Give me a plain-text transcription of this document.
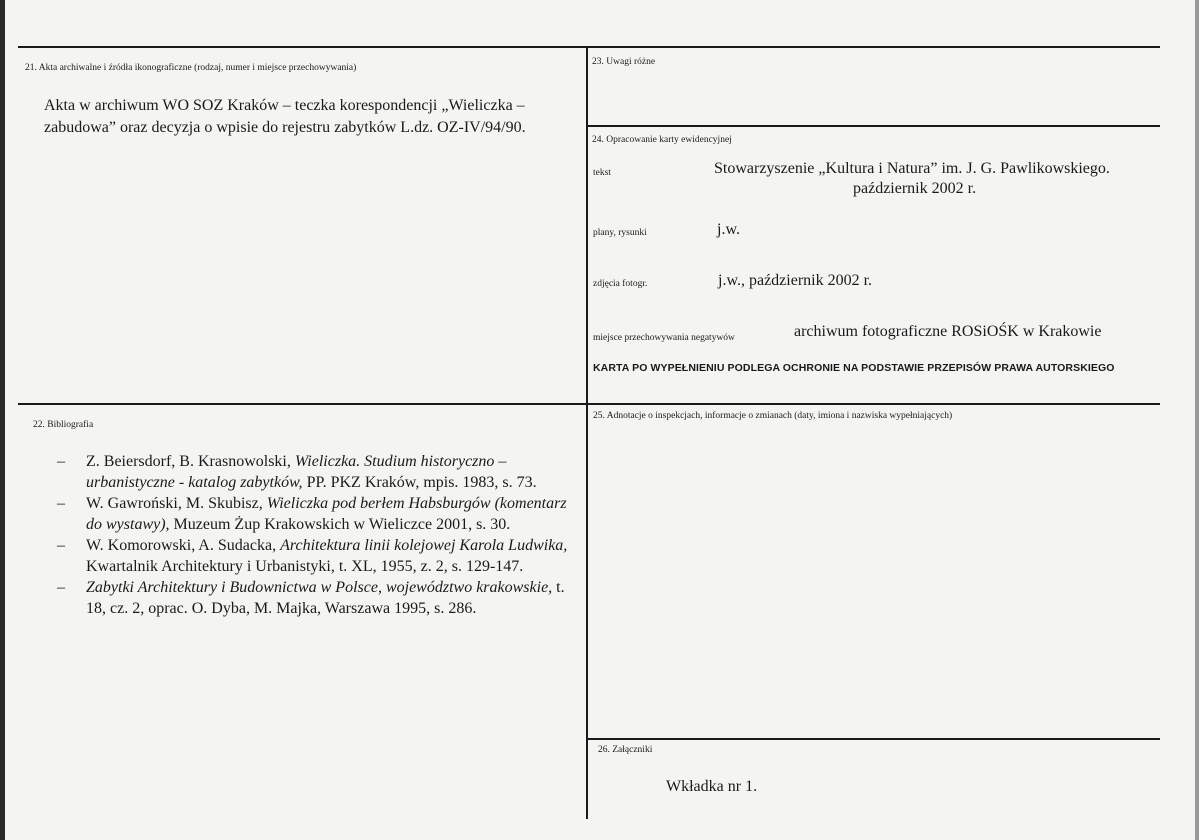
21. Akta archiwalne i źródła ikonograficzne (rodzaj, numer i miejsce przechowywania)
Akta w archiwum WO SOZ Kraków – teczka korespondencji „Wieliczka –
zabudowa” oraz decyzja o wpisie do rejestru zabytków L.dz. OZ-IV/94/90.
22. Bibliografia
– Z. Beiersdorf, B. Krasnowolski, Wieliczka. Studium historyczno – urbanistyczne - katalog zabytków, PP. PKZ Kraków, mpis. 1983, s. 73.
– W. Gawroński, M. Skubisz, Wieliczka pod berłem Habsburgów (komentarz do wystawy), Muzeum Żup Krakowskich w Wieliczce 2001, s. 30.
– W. Komorowski, A. Sudacka, Architektura linii kolejowej Karola Ludwika, Kwartalnik Architektury i Urbanistyki, t. XL, 1955, z. 2, s. 129-147.
– Zabytki Architektury i Budownictwa w Polsce, województwo krakowskie, t. 18, cz. 2, oprac. O. Dyba, M. Majka, Warszawa 1995, s. 286.
23. Uwagi różne
24. Opracowanie karty ewidencyjnej
tekst	Stowarzyszenie „Kultura i Natura” im. J. G. Pawlikowskiego.
październik 2002 r.
plany, rysunki	j.w.
zdjęcia fotogr.	j.w., październik 2002 r.
miejsce przechowywania negatywów	archiwum fotograficzne ROSiOŚK w Krakowie
KARTA PO WYPEŁNIENIU PODLEGA OCHRONIE NA PODSTAWIE PRZEPISÓW PRAWA AUTORSKIEGO
25. Adnotacje o inspekcjach, informacje o zmianach (daty, imiona i nazwiska wypełniających)
26. Załączniki
Wkładka nr 1.
